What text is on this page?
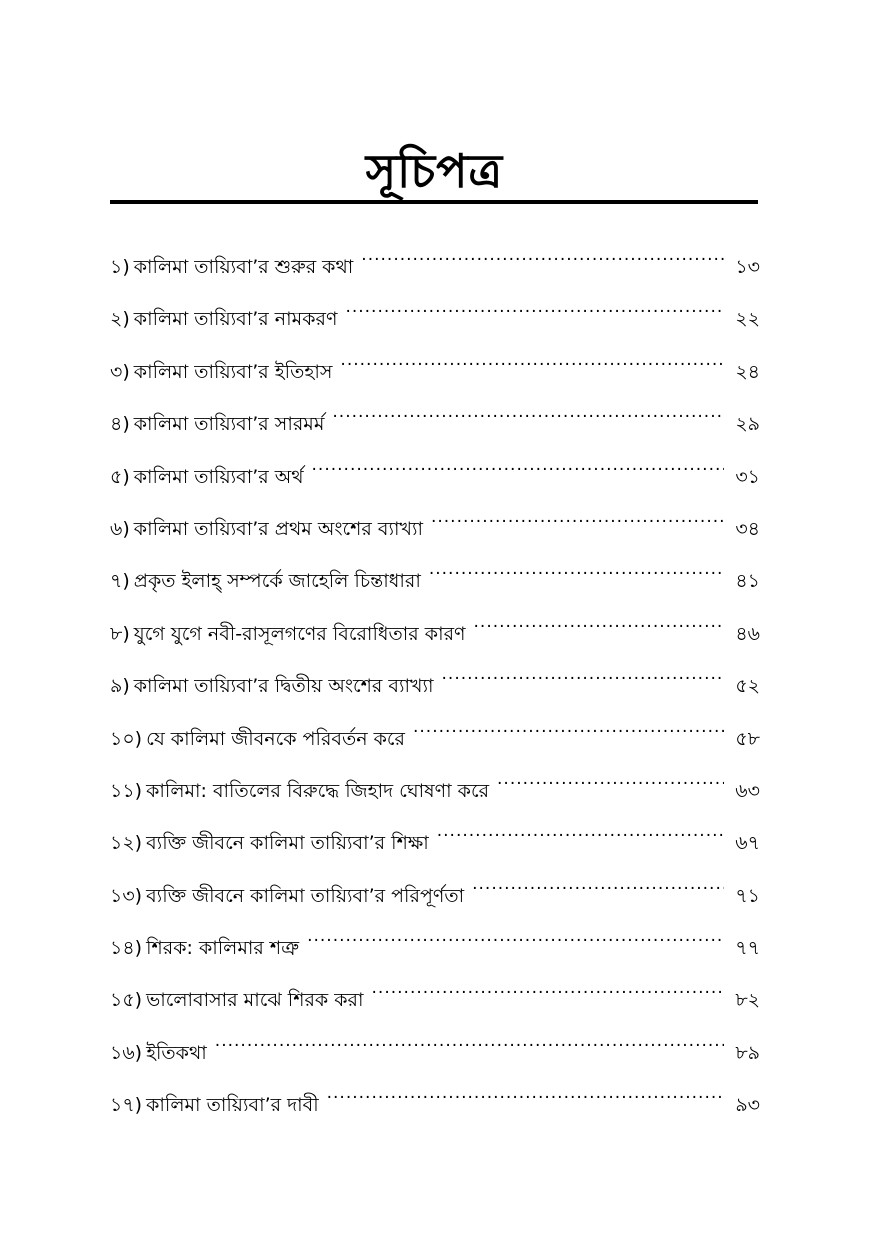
সূচিপত্র
১) কালিমা তায়্যিবা’র শুরুর কথা .....	১৩
২) কালিমা তায়্যিবা’র নামকরণ .....	২২
৩) কালিমা তায়্যিবা’র ইতিহাস .....	২৪
৪) কালিমা তায়্যিবা’র সারমর্ম .....	২৯
৫) কালিমা তায়্যিবা’র অর্থ .....	৩১
৬) কালিমা তায়্যিবা’র প্রথম অংশের ব্যাখ্যা .....	৩৪
৭) প্রকৃত ইলাহ্ সম্পর্কে জাহেলি চিন্তাধারা .....	৪১
৮) যুগে যুগে নবী-রাসূলগণের বিরোধিতার কারণ .....	৪৬
৯) কালিমা তায়্যিবা’র দ্বিতীয় অংশের ব্যাখ্যা .....	৫২
১০) যে কালিমা জীবনকে পরিবর্তন করে .....	৫৮
১১) কালিমা: বাতিলের বিরুদ্ধে জিহাদ ঘোষণা করে .....	৬৩
১২) ব্যক্তি জীবনে কালিমা তায়্যিবা’র শিক্ষা .....	৬৭
১৩) ব্যক্তি জীবনে কালিমা তায়্যিবা’র পরিপূর্ণতা .....	৭১
১৪) শিরক: কালিমার শত্রু .....	৭৭
১৫) ভালোবাসার মাঝে শিরক করা .....	৮২
১৬) ইতিকথা .....	৮৯
১৭) কালিমা তায়্যিবা’র দাবী .....	৯৩
